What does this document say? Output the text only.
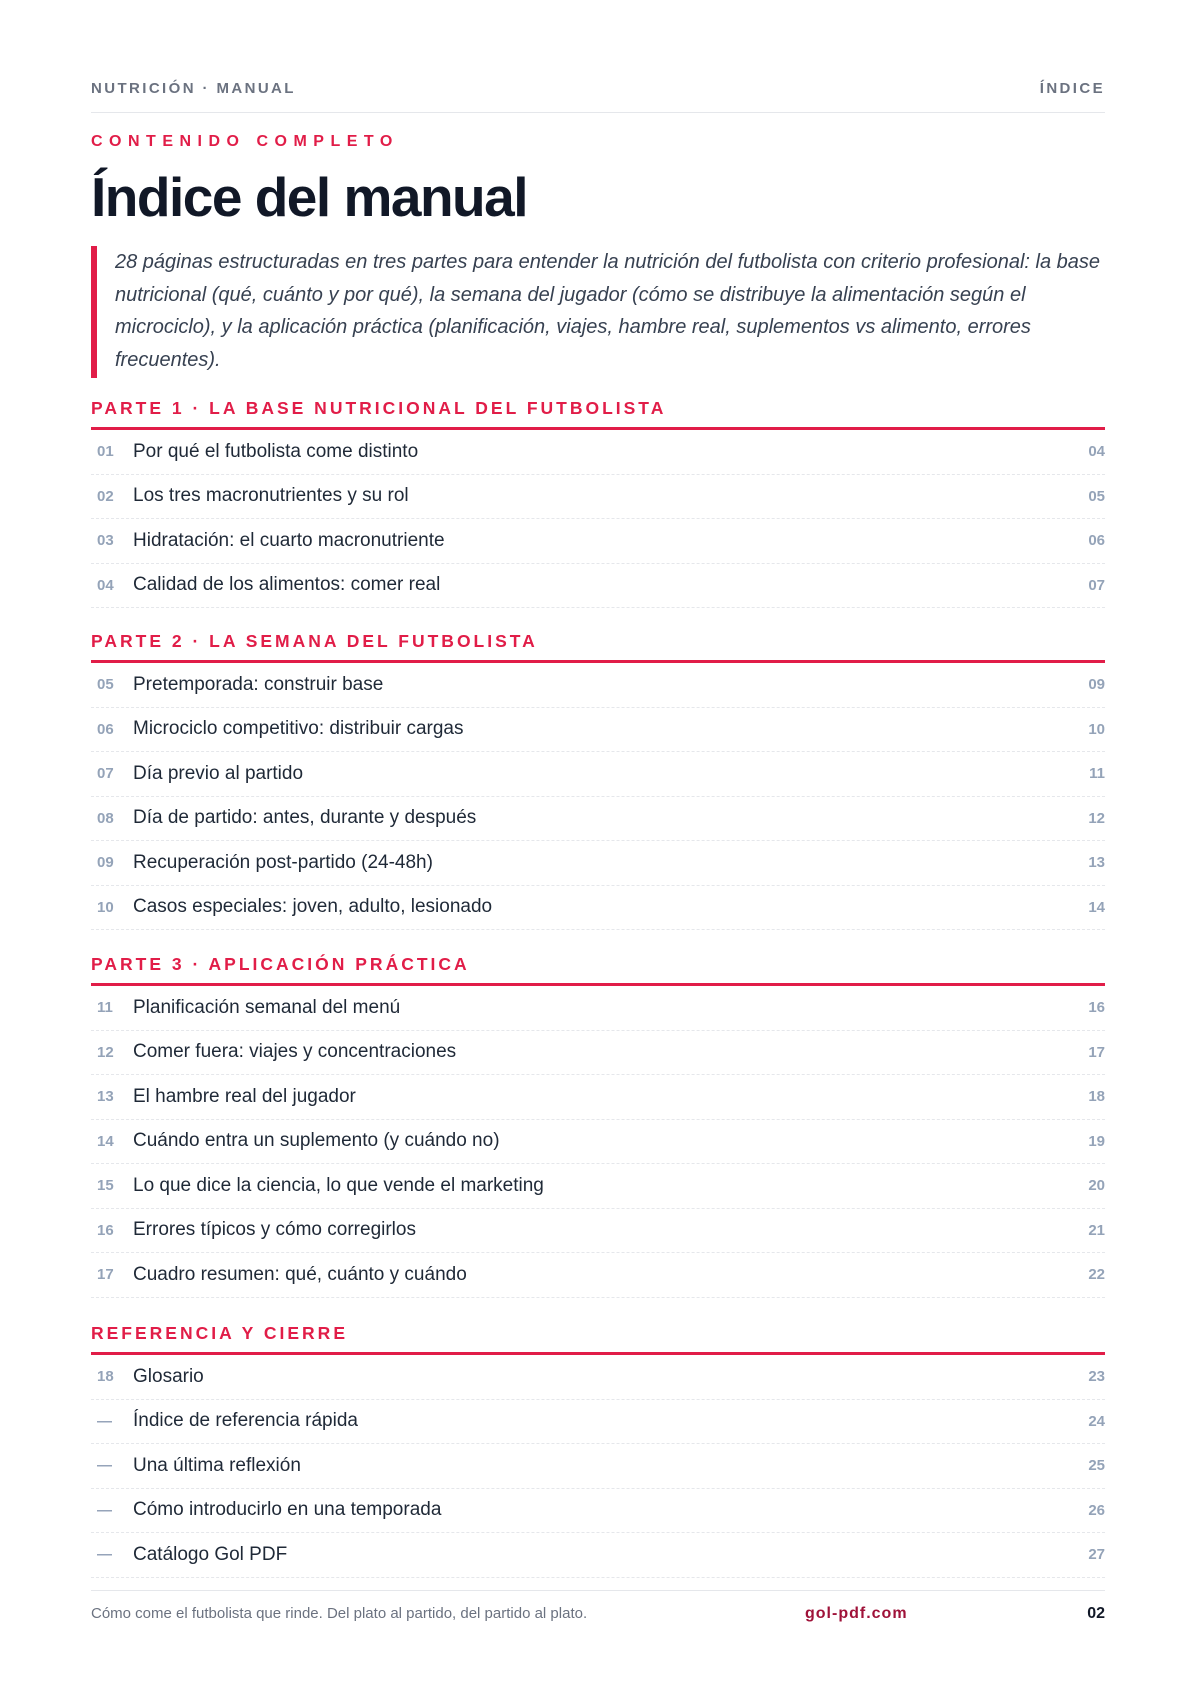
NUTRICIÓN · MANUAL	ÍNDICE
CONTENIDO COMPLETO
Índice del manual

28 páginas estructuradas en tres partes para entender la nutrición del futbolista con criterio profesional: la base nutricional (qué, cuánto y por qué), la semana del jugador (cómo se distribuye la alimentación según el microciclo), y la aplicación práctica (planificación, viajes, hambre real, suplementos vs alimento, errores frecuentes).

PARTE 1 · LA BASE NUTRICIONAL DEL FUTBOLISTA
01	Por qué el futbolista come distinto	04
02	Los tres macronutrientes y su rol	05
03	Hidratación: el cuarto macronutriente	06
04	Calidad de los alimentos: comer real	07
PARTE 2 · LA SEMANA DEL FUTBOLISTA
05	Pretemporada: construir base	09
06	Microciclo competitivo: distribuir cargas	10
07	Día previo al partido	11
08	Día de partido: antes, durante y después	12
09	Recuperación post-partido (24-48h)	13
10	Casos especiales: joven, adulto, lesionado	14
PARTE 3 · APLICACIÓN PRÁCTICA
11	Planificación semanal del menú	16
12	Comer fuera: viajes y concentraciones	17
13	El hambre real del jugador	18
14	Cuándo entra un suplemento (y cuándo no)	19
15	Lo que dice la ciencia, lo que vende el marketing	20
16	Errores típicos y cómo corregirlos	21
17	Cuadro resumen: qué, cuánto y cuándo	22
REFERENCIA Y CIERRE
18	Glosario	23
—	Índice de referencia rápida	24
—	Una última reflexión	25
—	Cómo introducirlo en una temporada	26
—	Catálogo Gol PDF	27
Cómo come el futbolista que rinde. Del plato al partido, del partido al plato.	gol-pdf.com	02
